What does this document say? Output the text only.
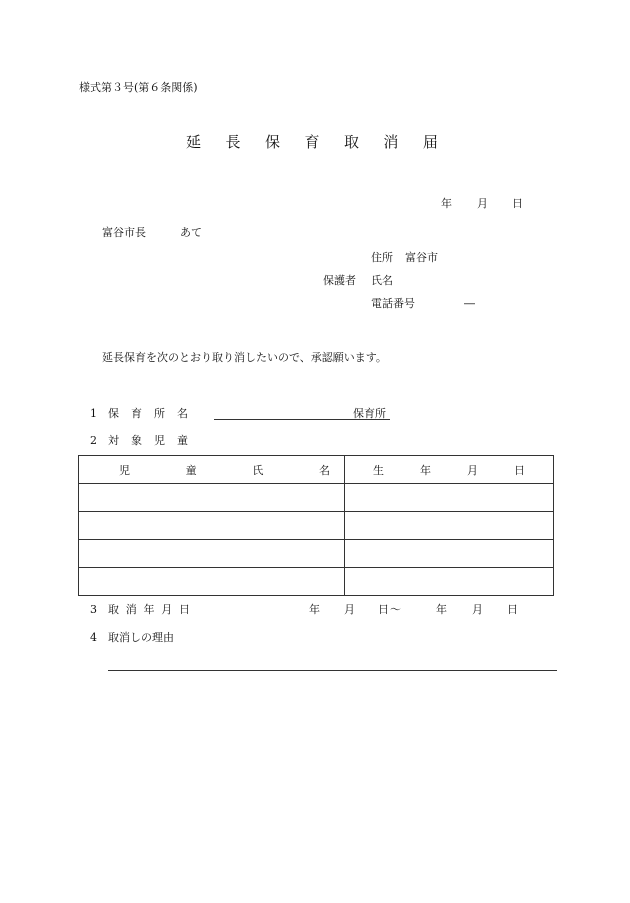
様式第３号(第６条関係)
延 長 保 育 取 消 届
年 月 日
富谷市長	あて
住所 富谷市
保護者 氏名
電話番号	―
延長保育を次のとおり取り消したいので、承認願います。
1 保 育 所 名	保育所
2 対 象 児 童
児 童 氏 名	生 年 月 日

3 取 消 年 月 日	年 月 日 ～	年 月 日
4 取消しの理由
